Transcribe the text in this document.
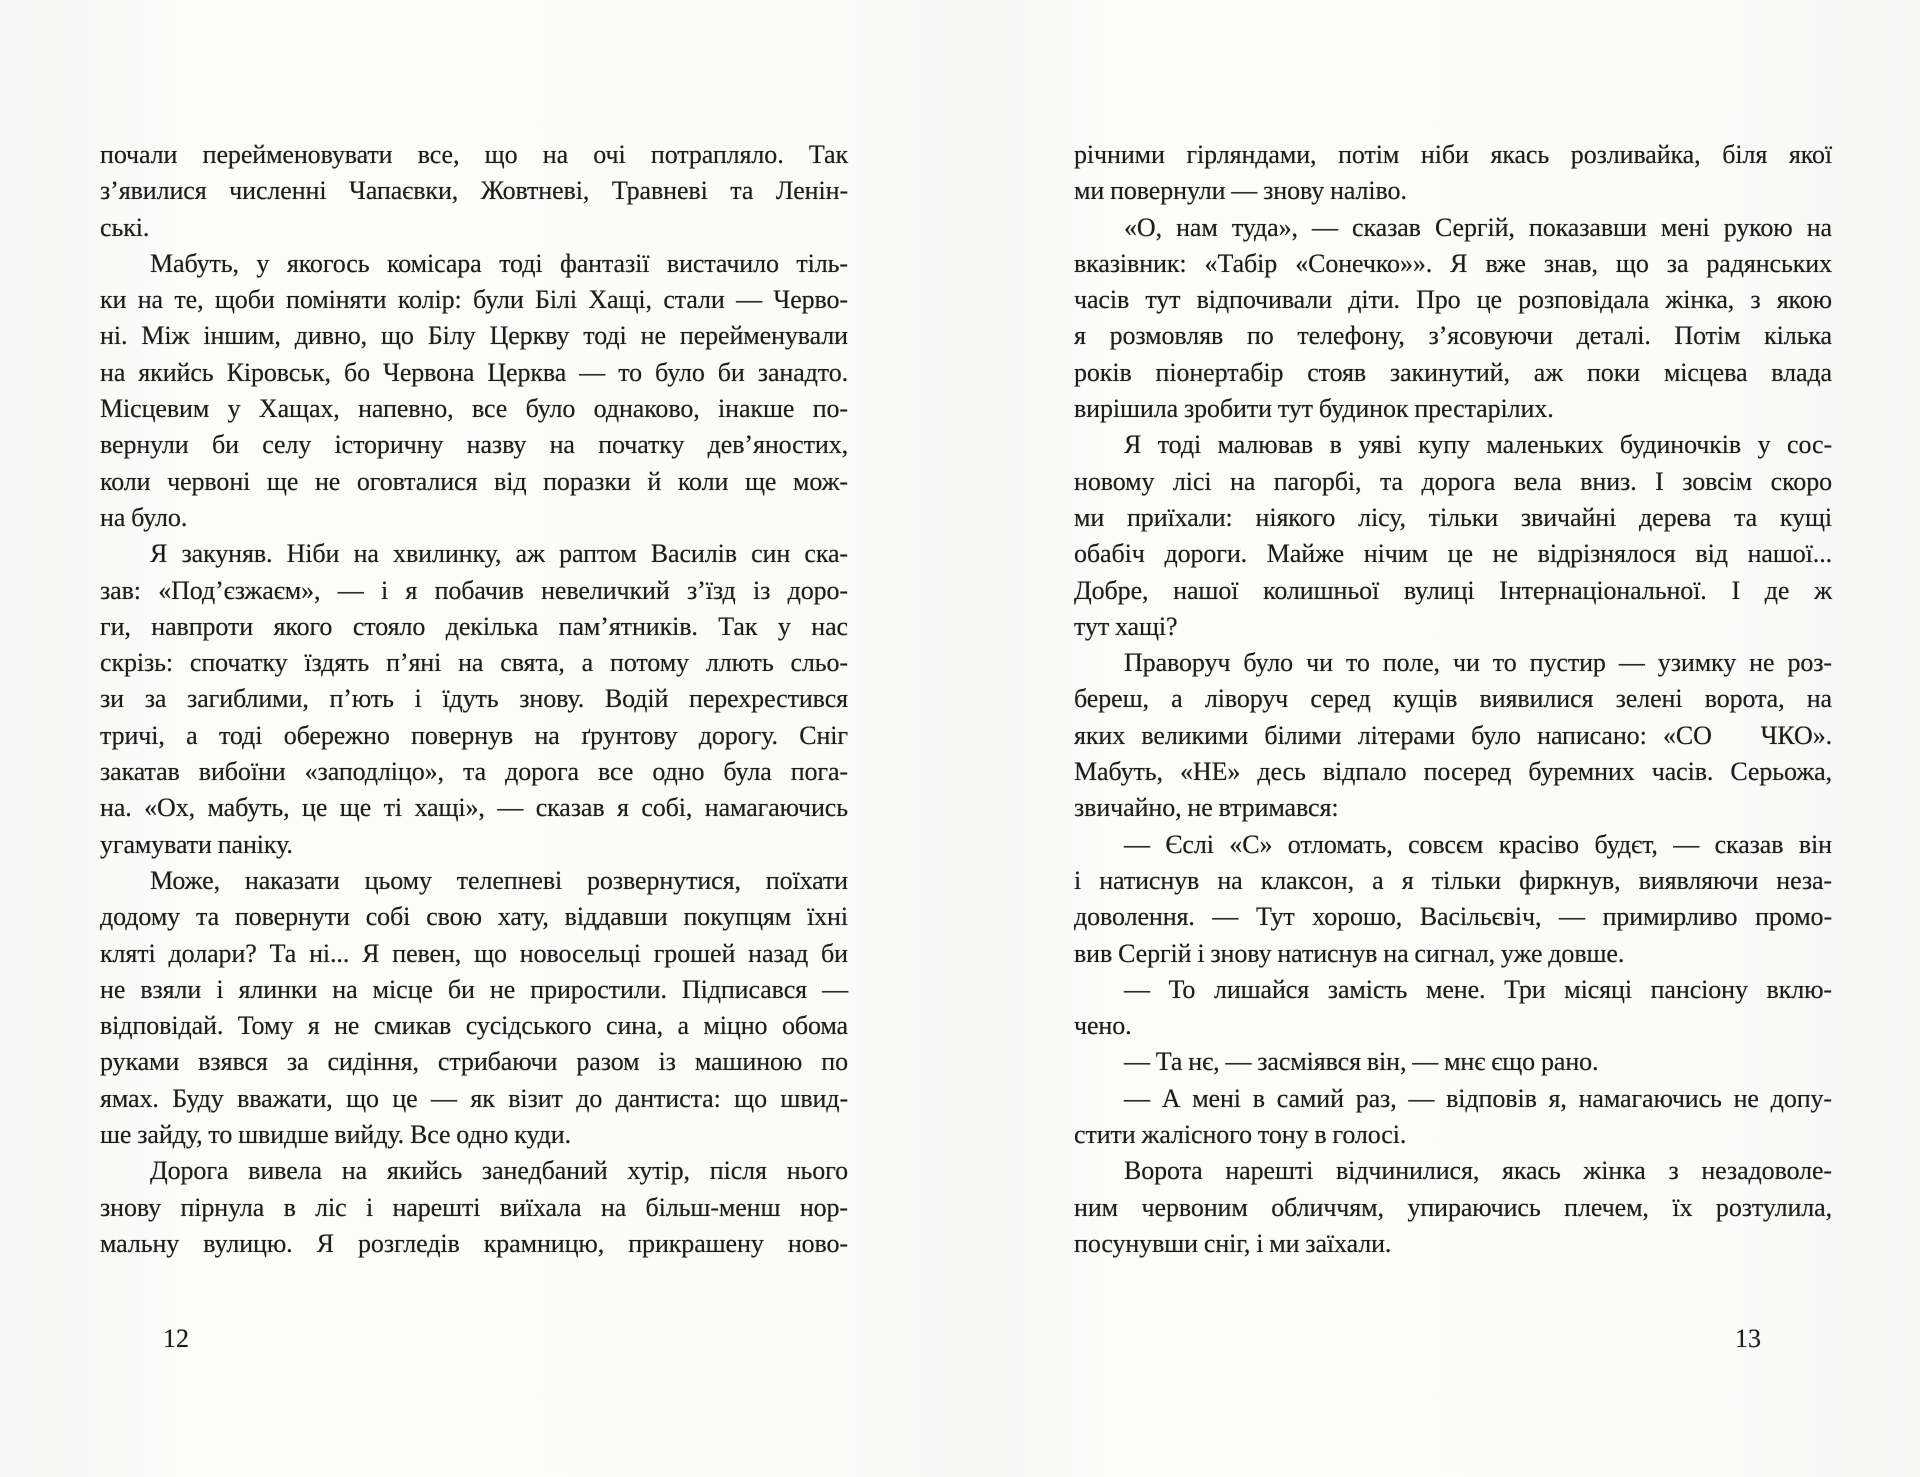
почали перейменовувати все, що на очі потрапляло. Так
з’явилися численні Чапаєвки, Жовтневі, Травневі та Ленін-
ські.
Мабуть, у якогось комісара тоді фантазії вистачило тіль-
ки на те, щоби поміняти колір: були Білі Хащі, стали — Черво-
ні. Між іншим, дивно, що Білу Церкву тоді не перейменували
на якийсь Кіровськ, бо Червона Церква — то було би занадто.
Місцевим у Хащах, напевно, все було однаково, інакше по-
вернули би селу історичну назву на початку дев’яностих,
коли червоні ще не оговталися від поразки й коли ще мож-
на було.
Я закуняв. Ніби на хвилинку, аж раптом Василів син ска-
зав: «Под’єзжаєм», — і я побачив невеличкий з’їзд із доро-
ги, навпроти якого стояло декілька пам’ятників. Так у нас
скрізь: спочатку їздять п’яні на свята, а потому ллють сльо-
зи за загиблими, п’ють і їдуть знову. Водій перехрестився
тричі, а тоді обережно повернув на ґрунтову дорогу. Сніг
закатав вибоїни «заподліцо», та дорога все одно була пога-
на. «Ох, мабуть, це ще ті хащі», — сказав я собі, намагаючись
угамувати паніку.
Може, наказати цьому телепневі розвернутися, поїхати
додому та повернути собі свою хату, віддавши покупцям їхні
кляті долари? Та ні... Я певен, що новосельці грошей назад би
не взяли і ялинки на місце би не приростили. Підписався —
відповідай. Тому я не смикав сусідського сина, а міцно обома
руками взявся за сидіння, стрибаючи разом із машиною по
ямах. Буду вважати, що це — як візит до дантиста: що швид-
ше зайду, то швидше вийду. Все одно куди.
Дорога вивела на якийсь занедбаний хутір, після нього
знову пірнула в ліс і нарешті виїхала на більш-менш нор-
мальну вулицю. Я розгледів крамницю, прикрашену ново-
річними гірляндами, потім ніби якась розливайка, біля якої
ми повернули — знову наліво.
«О, нам туда», — сказав Сергій, показавши мені рукою на
вказівник: «Табір «Сонечко»». Я вже знав, що за радянських
часів тут відпочивали діти. Про це розповідала жінка, з якою
я розмовляв по телефону, з’ясовуючи деталі. Потім кілька
років піонертабір стояв закинутий, аж поки місцева влада
вирішила зробити тут будинок престарілих.
Я тоді малював в уяві купу маленьких будиночків у сос-
новому лісі на пагорбі, та дорога вела вниз. І зовсім скоро
ми приїхали: ніякого лісу, тільки звичайні дерева та кущі
обабіч дороги. Майже нічим це не відрізнялося від нашої...
Добре, нашої колишньої вулиці Інтернаціональної. І де ж
тут хащі?
Праворуч було чи то поле, чи то пустир — узимку не роз-
береш, а ліворуч серед кущів виявилися зелені ворота, на
яких великими білими літерами було написано: «СО   ЧКО».
Мабуть, «НЕ» десь відпало посеред буремних часів. Серьожа,
звичайно, не втримався:
— Єслі «С» отломать, совсєм красіво будєт, — сказав він
і натиснув на клаксон, а я тільки фиркнув, виявляючи неза-
доволення. — Тут хорошо, Васільєвіч, — примирливо промо-
вив Сергій і знову натиснув на сигнал, уже довше.
— То лишайся замість мене. Три місяці пансіону вклю-
чено.
— Та нє, — засміявся він, — мнє єщо рано.
— А мені в самий раз, — відповів я, намагаючись не допу-
стити жалісного тону в голосі.
Ворота нарешті відчинилися, якась жінка з незадоволе-
ним червоним обличчям, упираючись плечем, їх розтулила,
посунувши сніг, і ми заїхали.
12	13
